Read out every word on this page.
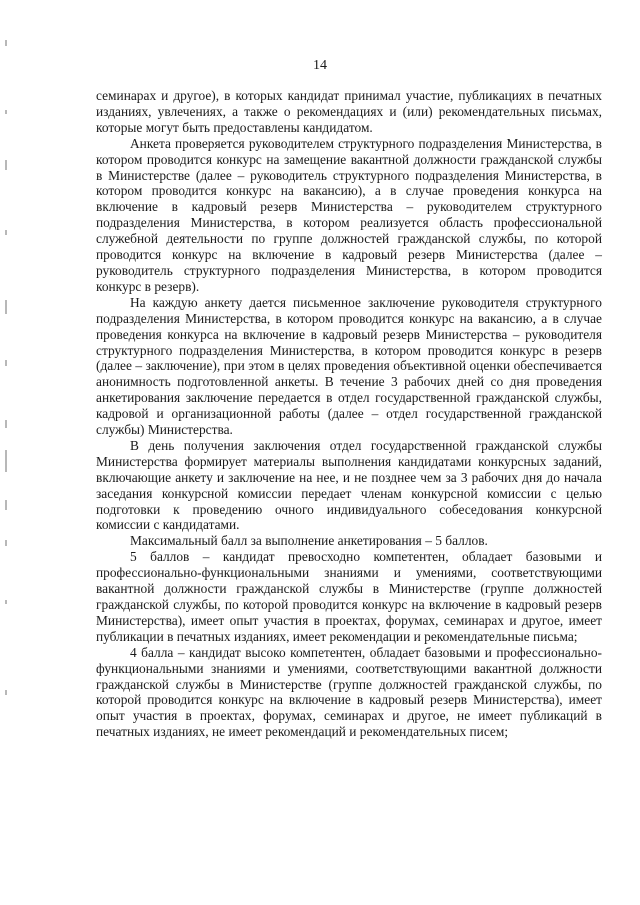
14

семинарах и другое), в которых кандидат принимал участие, публикациях в печатных изданиях, увлечениях, а также о рекомендациях и (или) рекомендательных письмах, которые могут быть предоставлены кандидатом.

Анкета проверяется руководителем структурного подразделения Министерства, в котором проводится конкурс на замещение вакантной должности гражданской службы в Министерстве (далее – руководитель структурного подразделения Министерства, в котором проводится конкурс на вакансию), а в случае проведения конкурса на включение в кадровый резерв Министерства – руководителем структурного подразделения Министерства, в котором реализуется область профессиональной служебной деятельности по группе должностей гражданской службы, по которой проводится конкурс на включение в кадровый резерв Министерства (далее – руководитель структурного подразделения Министерства, в котором проводится конкурс в резерв).

На каждую анкету дается письменное заключение руководителя структурного подразделения Министерства, в котором проводится конкурс на вакансию, а в случае проведения конкурса на включение в кадровый резерв Министерства – руководителя структурного подразделения Министерства, в котором проводится конкурс в резерв (далее – заключение), при этом в целях проведения объективной оценки обеспечивается анонимность подготовленной анкеты. В течение 3 рабочих дней со дня проведения анкетирования заключение передается в отдел государственной гражданской службы, кадровой и организационной работы (далее – отдел государственной гражданской службы) Министерства.

В день получения заключения отдел государственной гражданской службы Министерства формирует материалы выполнения кандидатами конкурсных заданий, включающие анкету и заключение на нее, и не позднее чем за 3 рабочих дня до начала заседания конкурсной комиссии передает членам конкурсной комиссии с целью подготовки к проведению очного индивидуального собеседования конкурсной комиссии с кандидатами.

Максимальный балл за выполнение анкетирования – 5 баллов.

5 баллов – кандидат превосходно компетентен, обладает базовыми и профессионально-функциональными знаниями и умениями, соответствующими вакантной должности гражданской службы в Министерстве (группе должностей гражданской службы, по которой проводится конкурс на включение в кадровый резерв Министерства), имеет опыт участия в проектах, форумах, семинарах и другое, имеет публикации в печатных изданиях, имеет рекомендации и рекомендательные письма;

4 балла – кандидат высоко компетентен, обладает базовыми и профессионально-функциональными знаниями и умениями, соответствующими вакантной должности гражданской службы в Министерстве (группе должностей гражданской службы, по которой проводится конкурс на включение в кадровый резерв Министерства), имеет опыт участия в проектах, форумах, семинарах и другое, не имеет публикаций в печатных изданиях, не имеет рекомендаций и рекомендательных писем;
